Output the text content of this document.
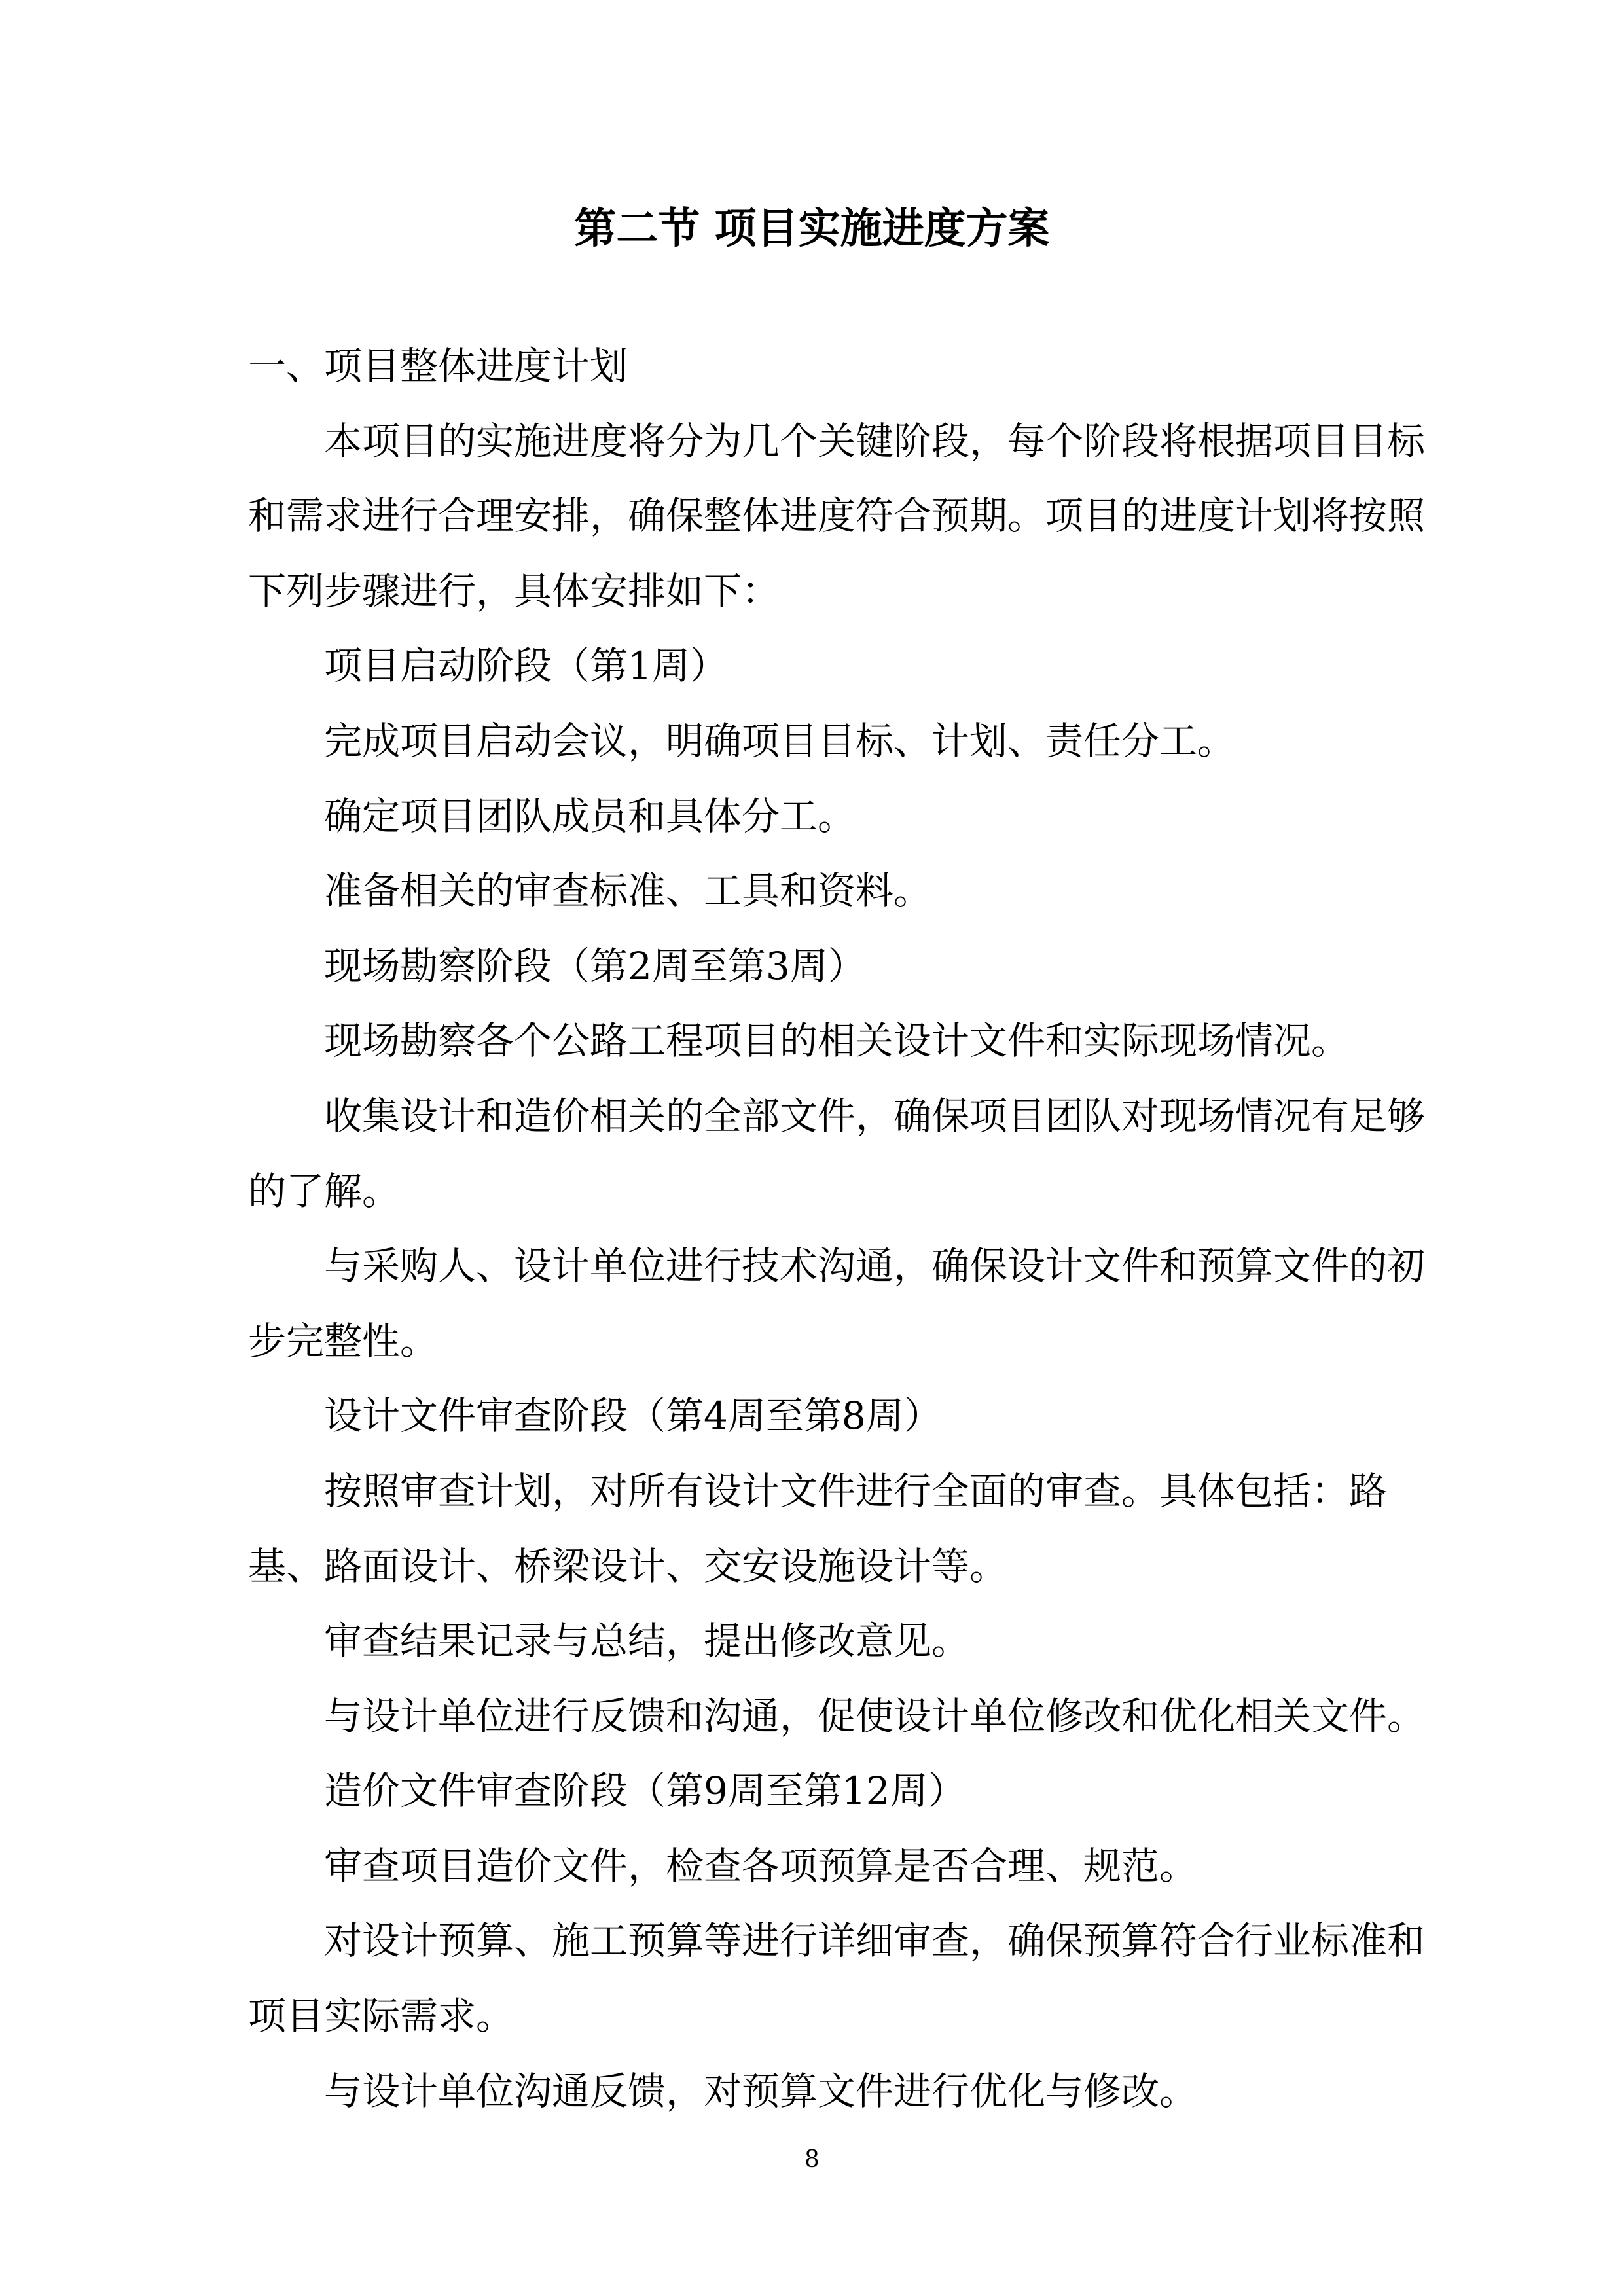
第二节 项目实施进度方案

一、项目整体进度计划

本项目的实施进度将分为几个关键阶段，每个阶段将根据项目目标和需求进行合理安排，确保整体进度符合预期。项目的进度计划将按照下列步骤进行，具体安排如下：

项目启动阶段（第1周）

完成项目启动会议，明确项目目标、计划、责任分工。

确定项目团队成员和具体分工。

准备相关的审查标准、工具和资料。

现场勘察阶段（第2周至第3周）

现场勘察各个公路工程项目的相关设计文件和实际现场情况。

收集设计和造价相关的全部文件，确保项目团队对现场情况有足够的了解。

与采购人、设计单位进行技术沟通，确保设计文件和预算文件的初步完整性。

设计文件审查阶段（第4周至第8周）

按照审查计划，对所有设计文件进行全面的审查。具体包括：路基、路面设计、桥梁设计、交安设施设计等。

审查结果记录与总结，提出修改意见。

与设计单位进行反馈和沟通，促使设计单位修改和优化相关文件。

造价文件审查阶段（第9周至第12周）

审查项目造价文件，检查各项预算是否合理、规范。

对设计预算、施工预算等进行详细审查，确保预算符合行业标准和项目实际需求。

与设计单位沟通反馈，对预算文件进行优化与修改。

8
